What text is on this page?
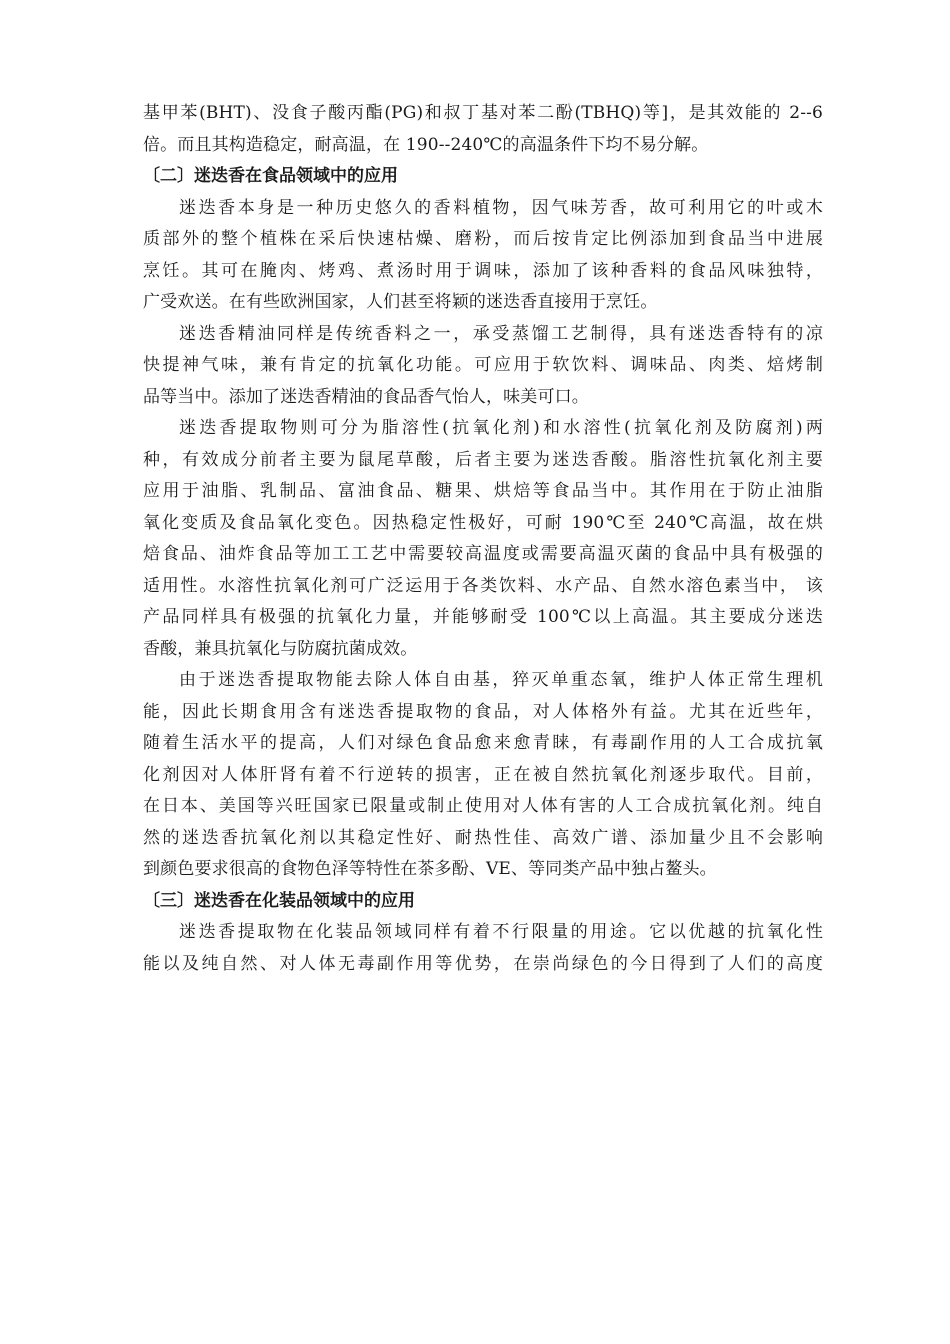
基甲苯(BHT)、没食子酸丙酯(PG)和叔丁基对苯二酚(TBHQ)等]，是其效能的 2--6
倍。而且其构造稳定，耐高温，在 190--240℃的高温条件下均不易分解。
〔二〕迷迭香在食品领域中的应用
迷迭香本身是一种历史悠久的香料植物，因气味芳香，故可利用它的叶或木
质部外的整个植株在采后快速枯燥、磨粉，而后按肯定比例添加到食品当中进展
烹饪。其可在腌肉、烤鸡、煮汤时用于调味，添加了该种香料的食品风味独特，
广受欢送。在有些欧洲国家，人们甚至将颖的迷迭香直接用于烹饪。
迷迭香精油同样是传统香料之一，承受蒸馏工艺制得，具有迷迭香特有的凉
快提神气味，兼有肯定的抗氧化功能。可应用于软饮料、调味品、肉类、焙烤制
品等当中。添加了迷迭香精油的食品香气怡人，味美可口。
迷迭香提取物则可分为脂溶性(抗氧化剂)和水溶性(抗氧化剂及防腐剂)两
种，有效成分前者主要为鼠尾草酸，后者主要为迷迭香酸。脂溶性抗氧化剂主要
应用于油脂、乳制品、富油食品、糖果、烘焙等食品当中。其作用在于防止油脂
氧化变质及食品氧化变色。因热稳定性极好，可耐 190℃至 240℃高温，故在烘
焙食品、油炸食品等加工工艺中需要较高温度或需要高温灭菌的食品中具有极强的
适用性。水溶性抗氧化剂可广泛运用于各类饮料、水产品、自然水溶色素当中， 该
产品同样具有极强的抗氧化力量，并能够耐受 100℃以上高温。其主要成分迷迭
香酸，兼具抗氧化与防腐抗菌成效。
由于迷迭香提取物能去除人体自由基，猝灭单重态氧，维护人体正常生理机
能，因此长期食用含有迷迭香提取物的食品，对人体格外有益。尤其在近些年，
随着生活水平的提高，人们对绿色食品愈来愈青睐，有毒副作用的人工合成抗氧
化剂因对人体肝肾有着不行逆转的损害，正在被自然抗氧化剂逐步取代。目前，
在日本、美国等兴旺国家已限量或制止使用对人体有害的人工合成抗氧化剂。纯自
然的迷迭香抗氧化剂以其稳定性好、耐热性佳、高效广谱、添加量少且不会影响
到颜色要求很高的食物色泽等特性在茶多酚、VE、等同类产品中独占鳌头。
〔三〕迷迭香在化装品领域中的应用
迷迭香提取物在化装品领域同样有着不行限量的用途。它以优越的抗氧化性
能以及纯自然、对人体无毒副作用等优势，在崇尚绿色的今日得到了人们的高度
